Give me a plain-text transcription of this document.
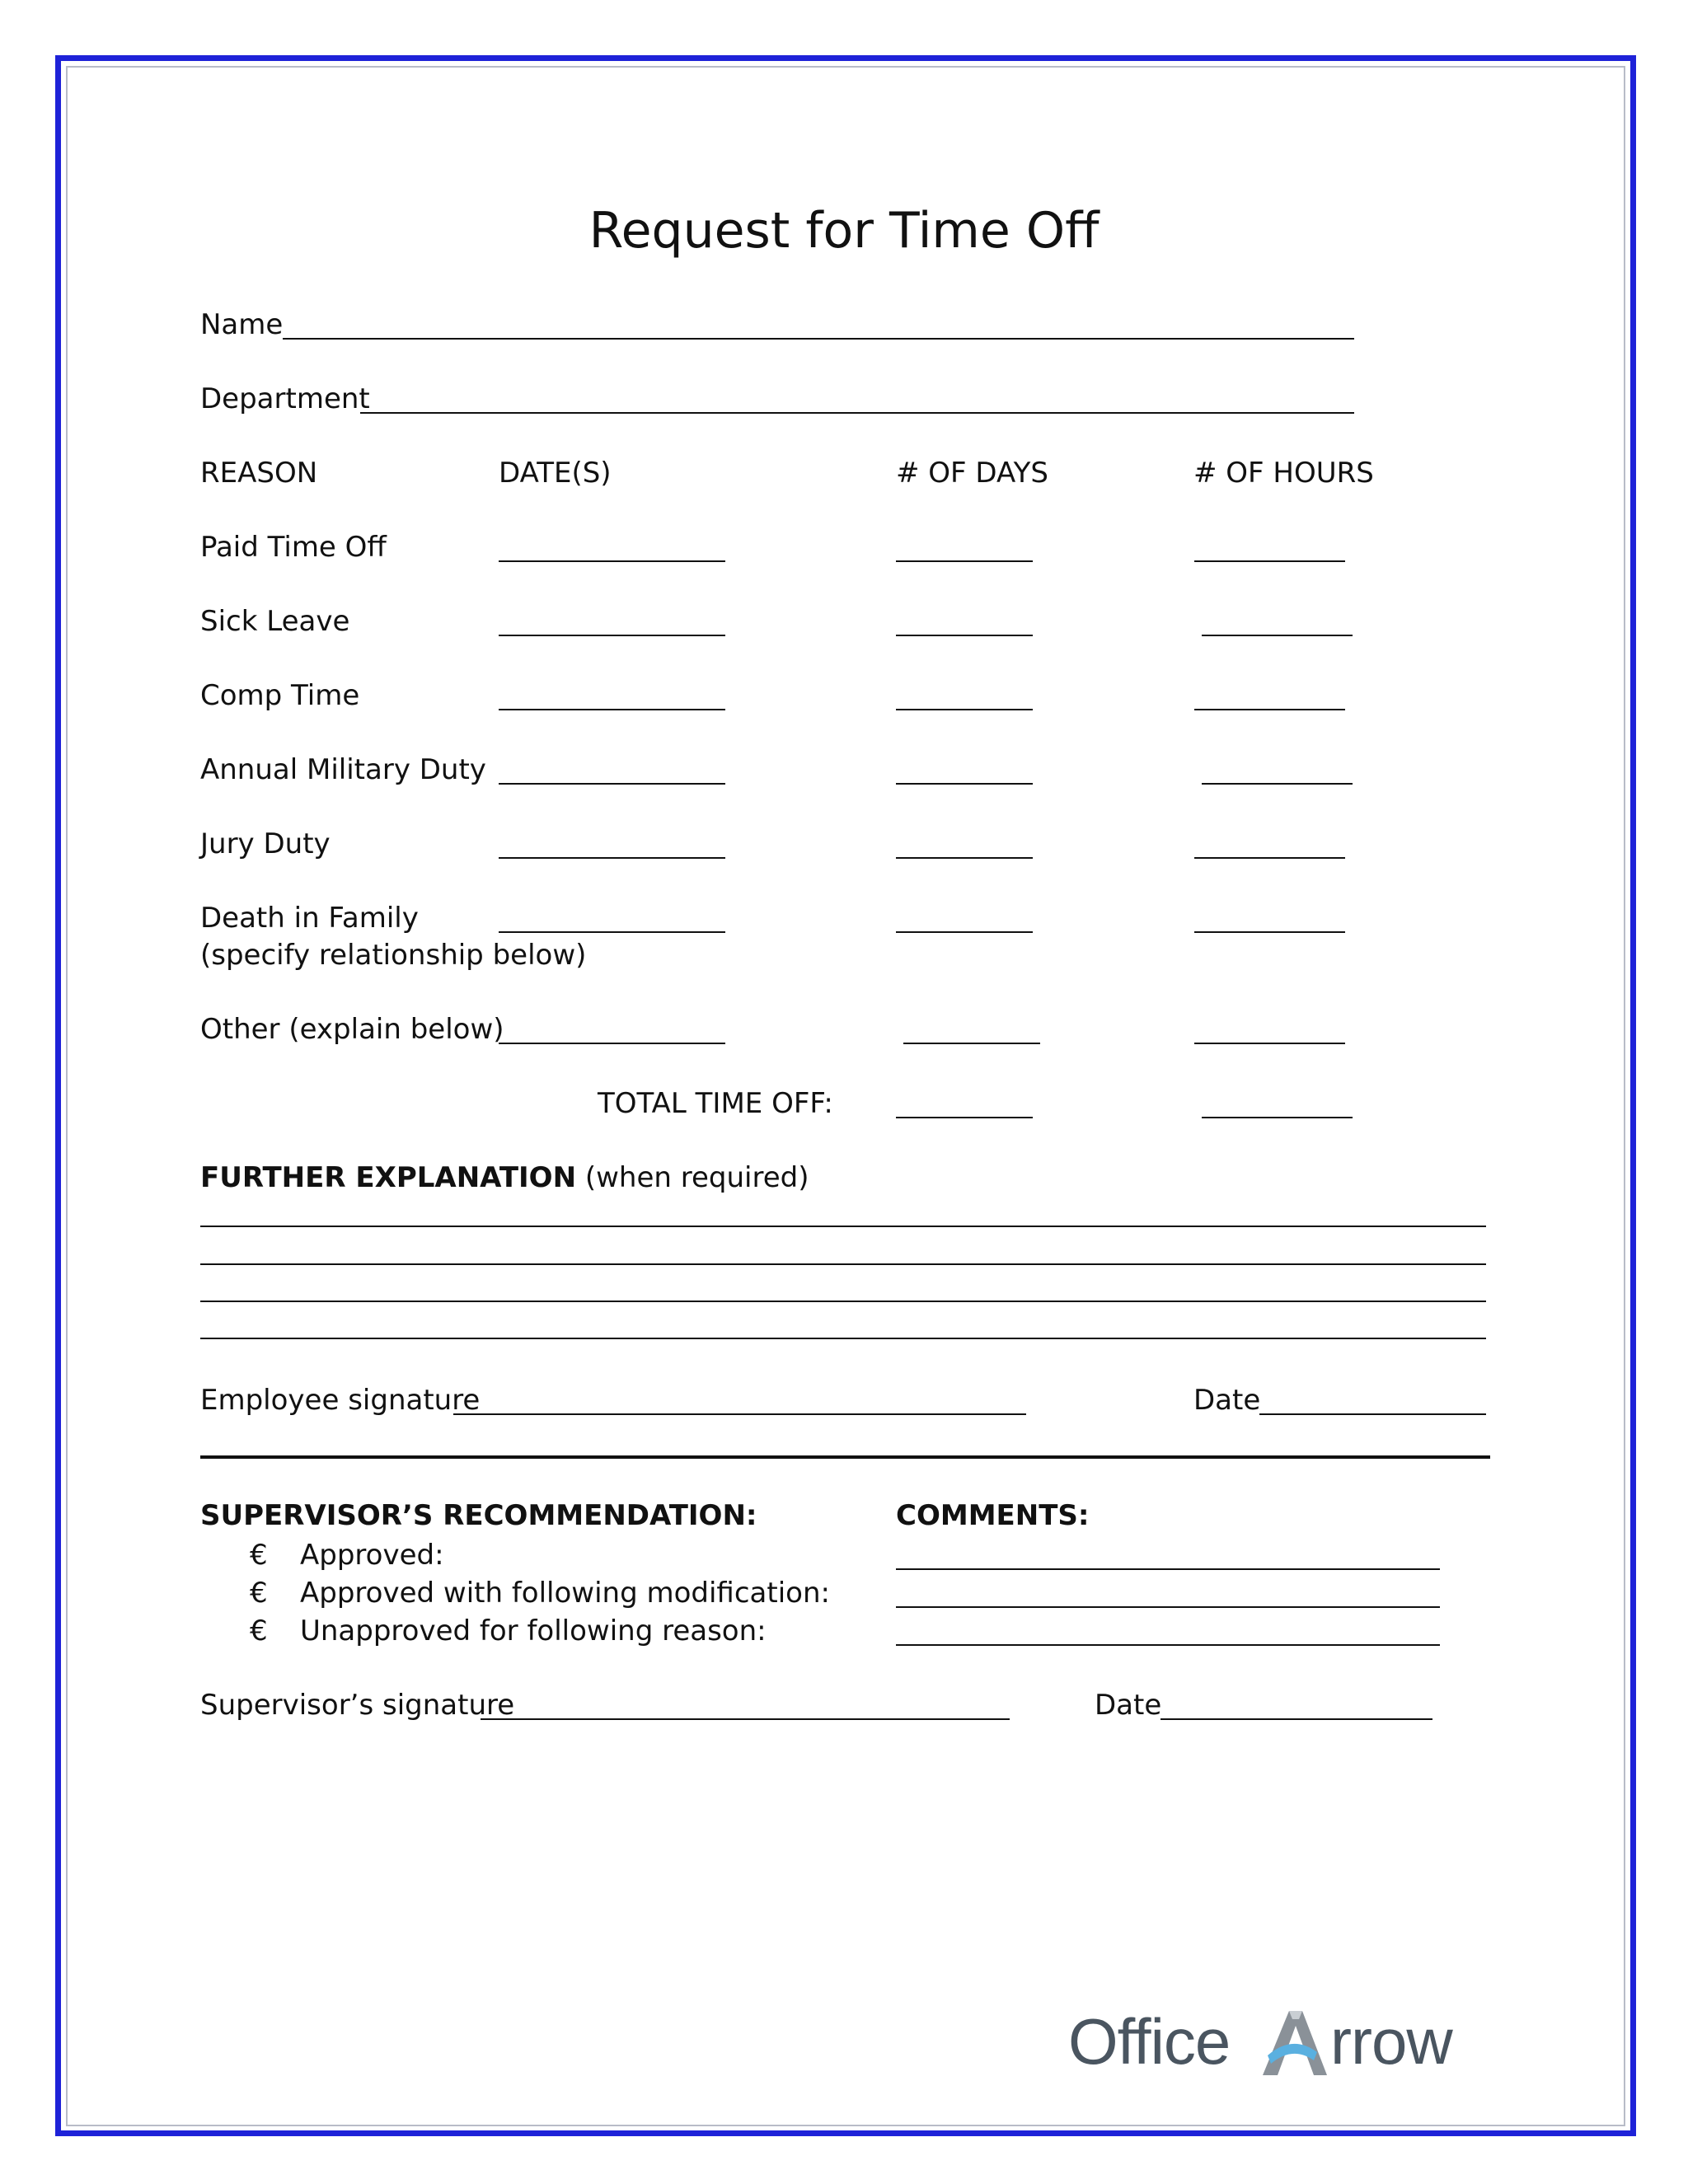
Request for Time Off
Name
Department
REASON	DATE(S)	# OF DAYS	# OF HOURS
Paid Time Off
Sick Leave
Comp Time
Annual Military Duty
Jury Duty
Death in Family
(specify relationship below)
Other (explain below)
TOTAL TIME OFF:
FURTHER EXPLANATION (when required)
Employee signature	Date
SUPERVISOR’S RECOMMENDATION:	COMMENTS:
€ Approved:
€ Approved with following modification:
€ Unapproved for following reason:
Supervisor’s signature	Date
Office rrow
